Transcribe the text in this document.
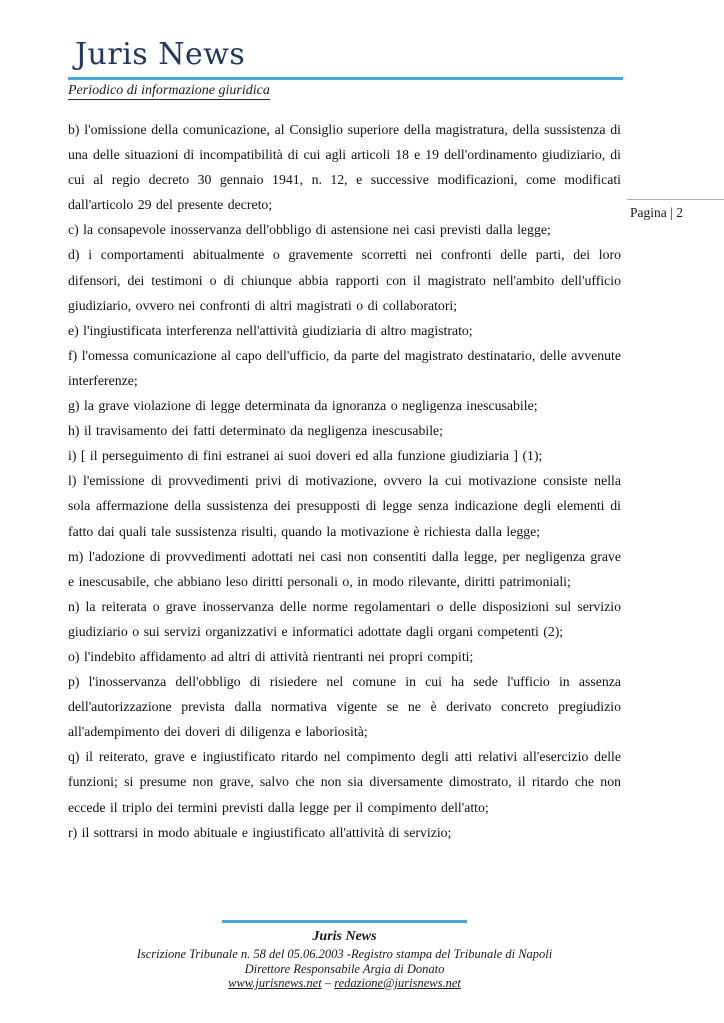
Juris News
Periodico di informazione giuridica
Pagina | 2

b) l'omissione della comunicazione, al Consiglio superiore della magistratura, della sussistenza di una delle situazioni di incompatibilità di cui agli articoli 18 e 19 dell'ordinamento giudiziario, di cui al regio decreto 30 gennaio 1941, n. 12, e successive modificazioni, come modificati dall'articolo 29 del presente decreto;

c) la consapevole inosservanza dell'obbligo di astensione nei casi previsti dalla legge;

d) i comportamenti abitualmente o gravemente scorretti nei confronti delle parti, dei loro difensori, dei testimoni o di chiunque abbia rapporti con il magistrato nell'ambito dell'ufficio giudiziario, ovvero nei confronti di altri magistrati o di collaboratori;

e) l'ingiustificata interferenza nell'attività giudiziaria di altro magistrato;

f) l'omessa comunicazione al capo dell'ufficio, da parte del magistrato destinatario, delle avvenute interferenze;

g) la grave violazione di legge determinata da ignoranza o negligenza inescusabile;

h) il travisamento dei fatti determinato da negligenza inescusabile;

i) [ il perseguimento di fini estranei ai suoi doveri ed alla funzione giudiziaria ] (1);

l) l'emissione di provvedimenti privi di motivazione, ovvero la cui motivazione consiste nella sola affermazione della sussistenza dei presupposti di legge senza indicazione degli elementi di fatto dai quali tale sussistenza risulti, quando la motivazione è richiesta dalla legge;

m) l'adozione di provvedimenti adottati nei casi non consentiti dalla legge, per negligenza grave e inescusabile, che abbiano leso diritti personali o, in modo rilevante, diritti patrimoniali;

n) la reiterata o grave inosservanza delle norme regolamentari o delle disposizioni sul servizio giudiziario o sui servizi organizzativi e informatici adottate dagli organi competenti (2);

o) l'indebito affidamento ad altri di attività rientranti nei propri compiti;

p) l'inosservanza dell'obbligo di risiedere nel comune in cui ha sede l'ufficio in assenza dell'autorizzazione prevista dalla normativa vigente se ne è derivato concreto pregiudizio all'adempimento dei doveri di diligenza e laboriosità;

q) il reiterato, grave e ingiustificato ritardo nel compimento degli atti relativi all'esercizio delle funzioni; si presume non grave, salvo che non sia diversamente dimostrato, il ritardo che non eccede il triplo dei termini previsti dalla legge per il compimento dell'atto;

r) il sottrarsi in modo abituale e ingiustificato all'attività di servizio;

Juris News
Iscrizione Tribunale n. 58 del 05.06.2003 -Registro stampa del Tribunale di Napoli
Direttore Responsabile Argia di Donato
www.jurisnews.net – redazione@jurisnews.net
